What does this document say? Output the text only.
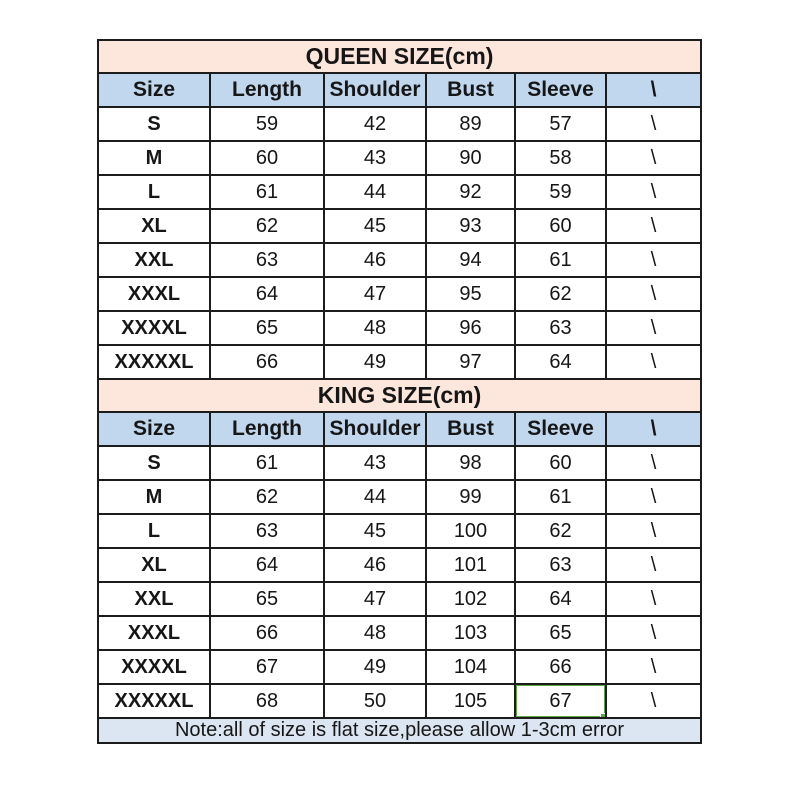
QUEEN SIZE(cm)					
Size	Length	Shoulder	Bust	Sleeve	\
S	59	42	89	57	\
M	60	43	90	58	\
L	61	44	92	59	\
XL	62	45	93	60	\
XXL	63	46	94	61	\
XXXL	64	47	95	62	\
XXXXL	65	48	96	63	\
XXXXXL	66	49	97	64	\
KING SIZE(cm)					
Size	Length	Shoulder	Bust	Sleeve	\
S	61	43	98	60	\
M	62	44	99	61	\
L	63	45	100	62	\
XL	64	46	101	63	\
XXL	65	47	102	64	\
XXXL	66	48	103	65	\
XXXXL	67	49	104	66	\
XXXXXL	68	50	105	67	\
Note:all of size is flat size,please allow 1-3cm error					
